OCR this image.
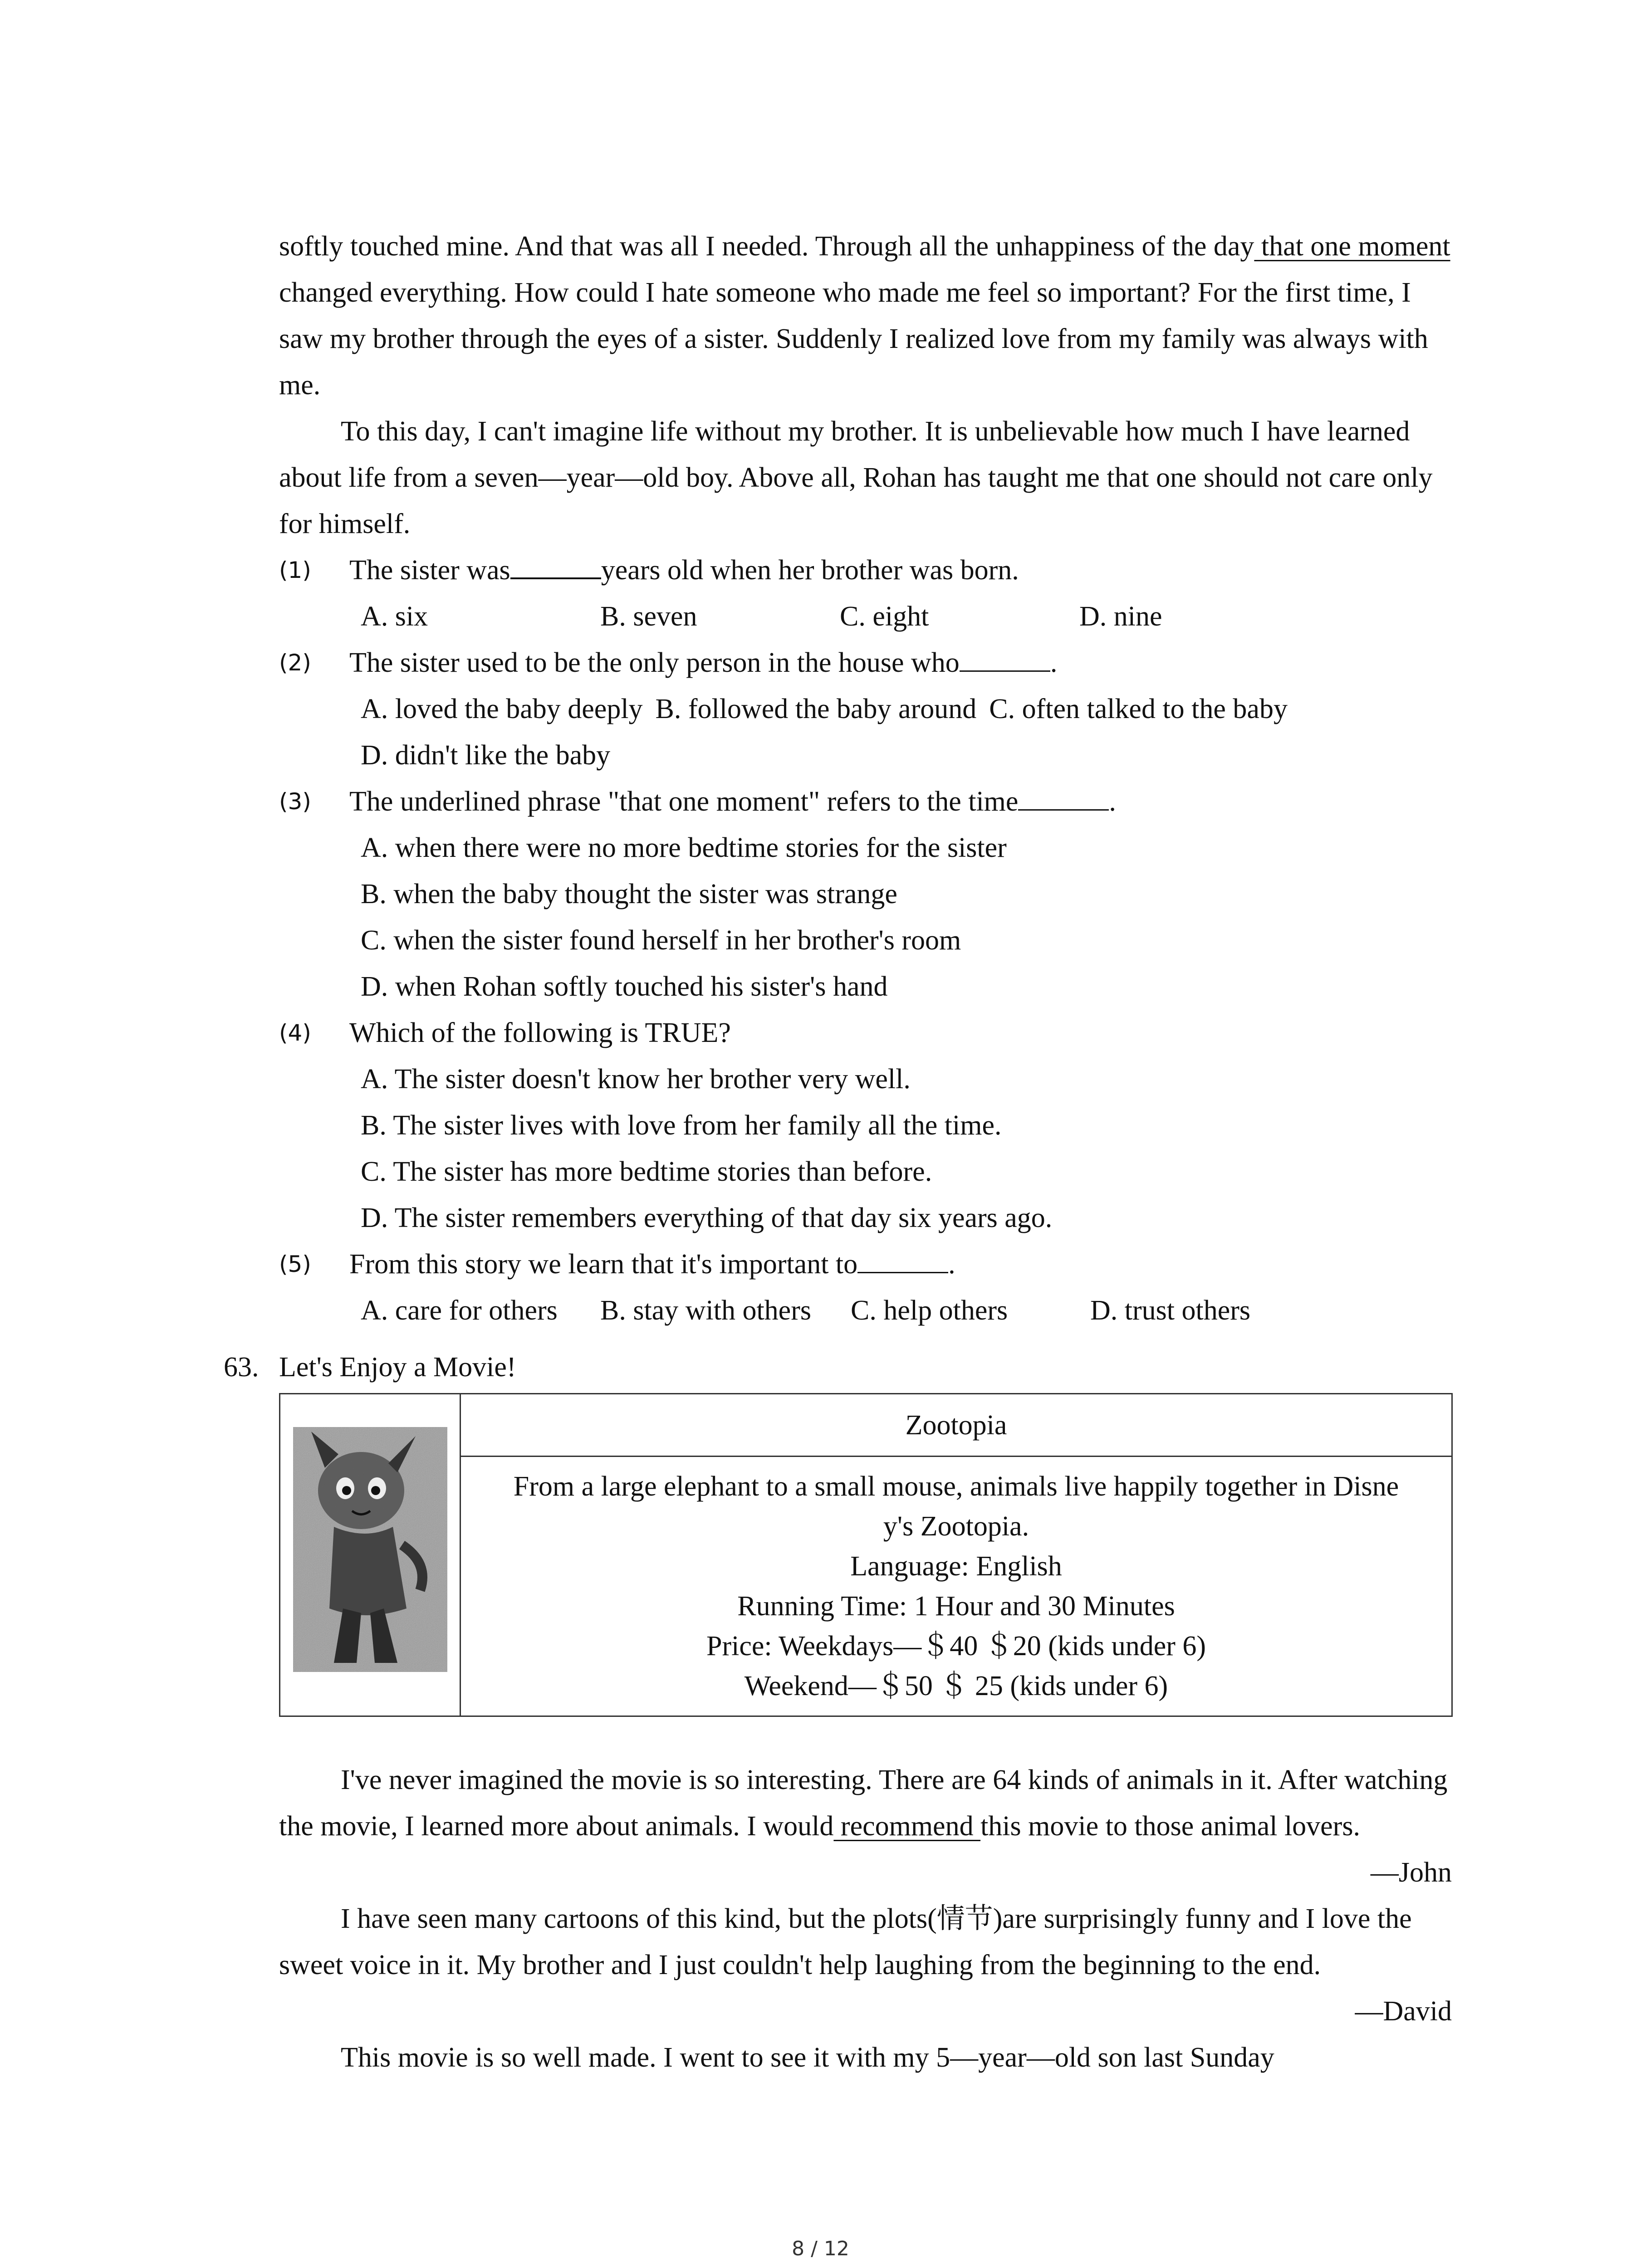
softly touched mine. And that was all I needed. Through all the unhappiness of the day that one moment changed everything. How could I hate someone who made me feel so important? For the first time, I saw my brother through the eyes of a sister. Suddenly I realized love from my family was always with me.

To this day, I can't imagine life without my brother. It is unbelievable how much I have learned about life from a seven—year—old boy. Above all, Rohan has taught me that one should not care only for himself.

(1) The sister was	years old when her brother was born.
A. six	B. seven	C. eight	D. nine
(2) The sister used to be the only person in the house who	.
A. loved the baby deeply B. followed the baby around C. often talked to the baby
D. didn't like the baby
(3) The underlined phrase "that one moment" refers to the time	.
A. when there were no more bedtime stories for the sister
B. when the baby thought the sister was strange
C. when the sister found herself in her brother's room
D. when Rohan softly touched his sister's hand
(4) Which of the following is TRUE?
A. The sister doesn't know her brother very well.
B. The sister lives with love from her family all the time.
C. The sister has more bedtime stories than before.
D. The sister remembers everything of that day six years ago.
(5) From this story we learn that it's important to	.
A. care for others	B. stay with others	C. help others	D. trust others
63. Let's Enjoy a Movie!
	Zootopia

From a large elephant to a small mouse, animals live happily together in Disne
y's Zootopia.
Language: English
Running Time: 1 Hour and 30 Minutes
Price: Weekdays—＄40 ＄20 (kids under 6)
Weekend—＄50 ＄ 25 (kids under 6)

I've never imagined the movie is so interesting. There are 64 kinds of animals in it. After watching the movie, I learned more about animals. I would recommend this movie to those animal lovers.

—John

I have seen many cartoons of this kind, but the plots(情节)are surprisingly funny and I love the sweet voice in it. My brother and I just couldn't help laughing from the beginning to the end.

—David

This movie is so well made. I went to see it with my 5—year—old son last Sunday

8 / 12
